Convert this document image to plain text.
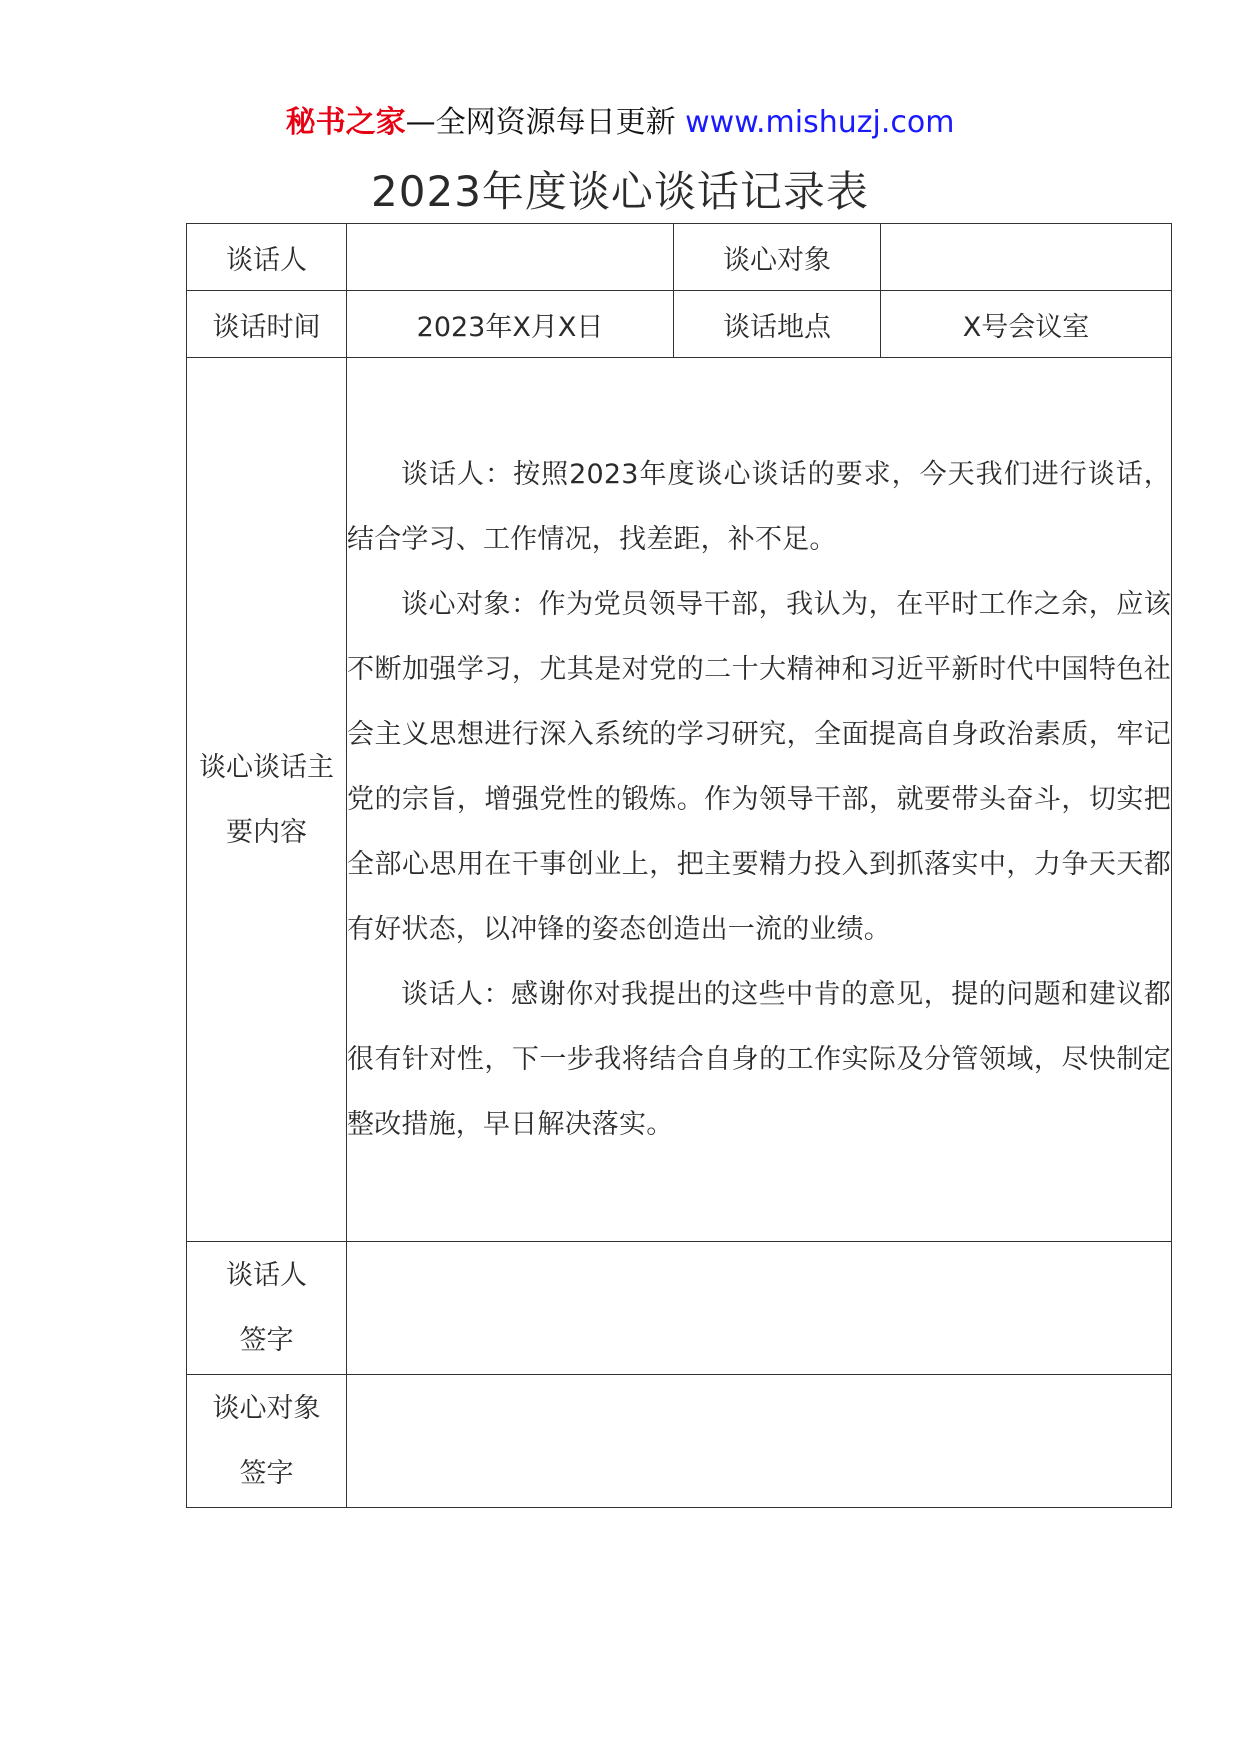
秘书之家—全网资源每日更新 www.mishuzj.com
2023年度谈心谈话记录表
谈话人		谈心对象	
谈话时间	2023年X月X日	谈话地点	X号会议室
谈心谈话主要内容	谈话人：按照2023年度谈心谈话的要求，今天我们进行谈话，结合学习、工作情况，找差距，补不足。

谈心对象：作为党员领导干部，我认为，在平时工作之余，应该不断加强学习，尤其是对党的二十大精神和习近平新时代中国特色社会主义思想进行深入系统的学习研究，全面提高自身政治素质，牢记党的宗旨，增强党性的锻炼。作为领导干部，就要带头奋斗，切实把全部心思用在干事创业上，把主要精力投入到抓落实中，力争天天都有好状态，以冲锋的姿态创造出一流的业绩。

谈话人：感谢你对我提出的这些中肯的意见，提的问题和建议都很有针对性，下一步我将结合自身的工作实际及分管领域，尽快制定整改措施，早日解决落实。		

谈话人签字			
谈心对象签字			
